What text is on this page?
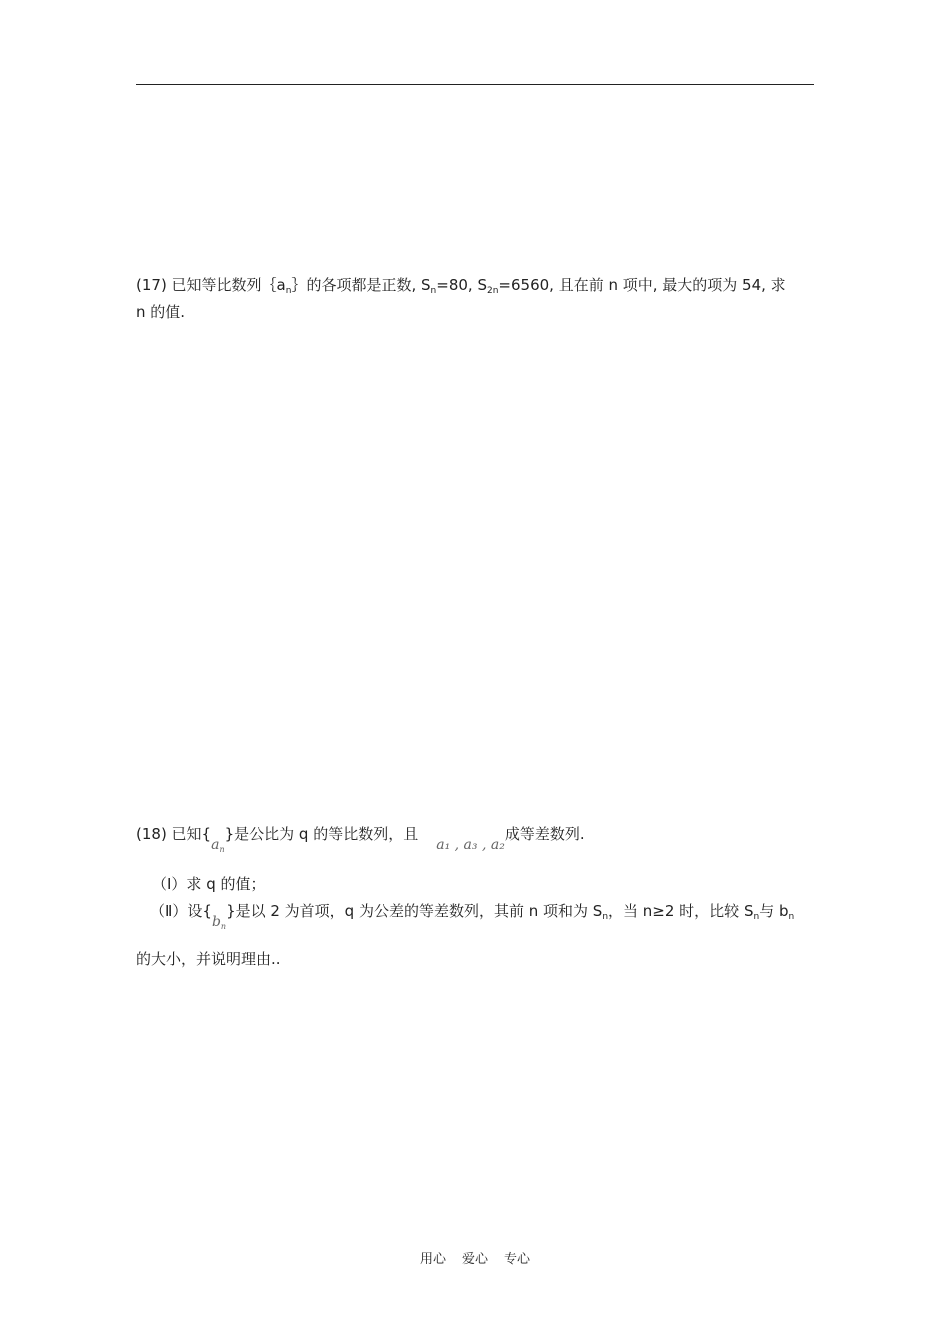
(17) 已知等比数列$\{a_n\}$的各项都是正数, $S_n=80$, $S_{2n}=6560$, 且在前 n 项中, 最大的项为 54, 求
n 的值.
(18) 已知$\{a_n\}$是公比为 q 的等比数列，且a₁ , a₃ , a₂成等差数列.
（Ⅰ）求 q 的值；
（Ⅱ）设$\{b_n\}$是以 2 为首项，q 为公差的等差数列，其前 n 项和为 $S_n$，当 n≥2 时，比较 $S_n$与 $b_n$
的大小，并说明理由..
用心 爱心 专心
